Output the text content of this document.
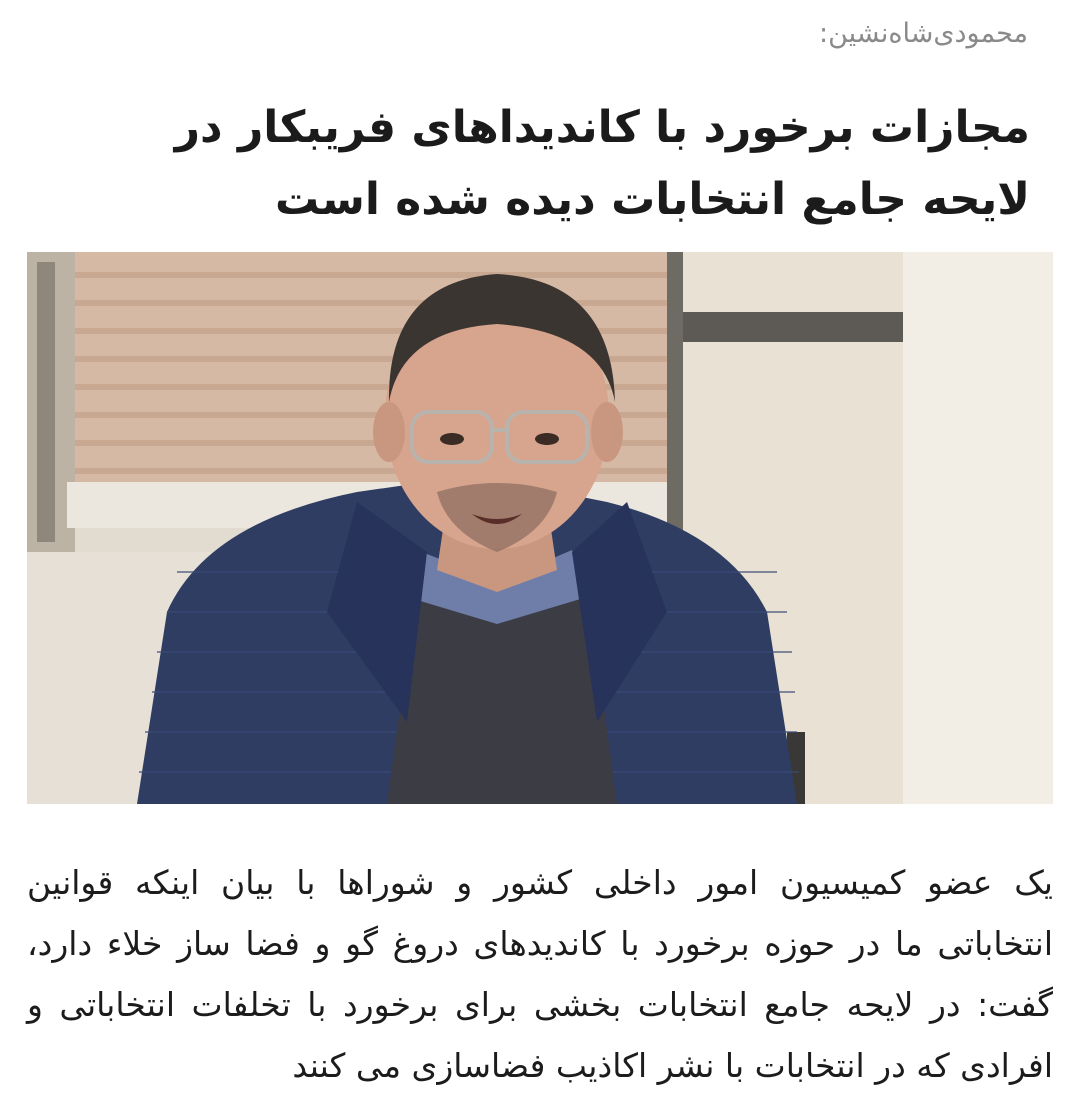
محمودی‌شاه‌نشین:
مجازات برخورد با کاندیداهای فریبکار در لایحه جامع انتخابات دیده شده است

یک عضو کمیسیون امور داخلی کشور و شوراها با بیان اینکه قوانین انتخاباتی ما در حوزه برخورد با کاندیدهای دروغ گو و فضا ساز خلاء دارد، گفت: در لایحه جامع انتخابات بخشی برای برخورد با تخلفات انتخاباتی و افرادی که در انتخابات با نشر اکاذیب فضاسازی می کنند
